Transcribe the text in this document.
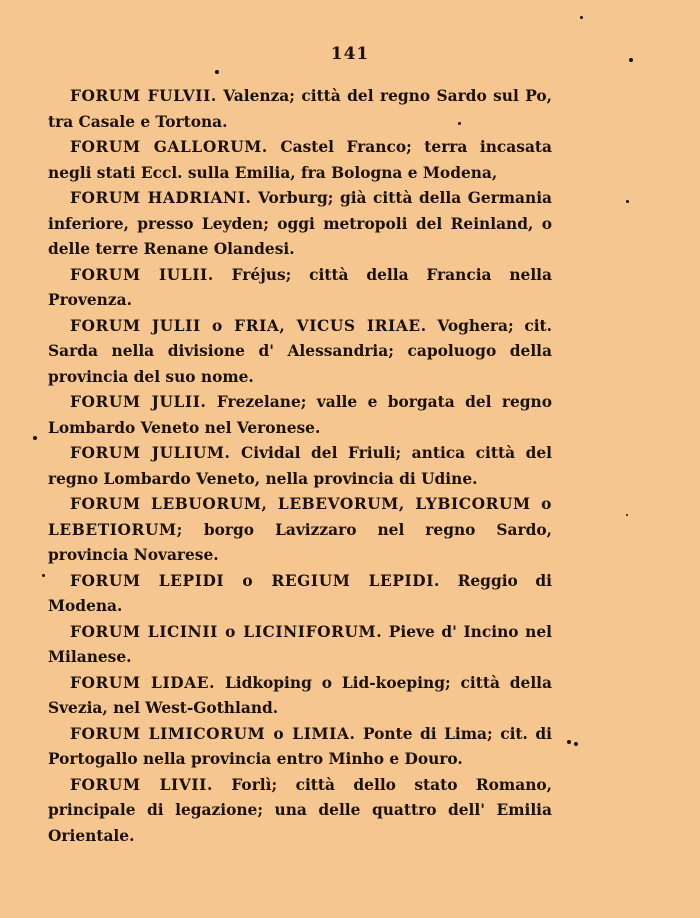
141

FORUM FULVII. Valenza; città del regno Sardo sul Po, tra Casale e Tortona.

FORUM GALLORUM. Castel Franco; terra incasata negli stati Eccl. sulla Emilia, fra Bologna e Modena,

FORUM HADRIANI. Vorburg; già città della Germania inferiore, presso Leyden; oggi metropoli del Reinland, o delle terre Renane Olandesi.

FORUM IULII. Fréjus; città della Francia nella Provenza.

FORUM JULII o FRIA, VICUS IRIAE. Voghera; cit. Sarda nella divisione d' Alessandria; capoluogo della provincia del suo nome.

FORUM JULII. Frezelane; valle e borgata del regno Lombardo Veneto nel Veronese.

FORUM JULIUM. Cividal del Friuli; antica città del regno Lombardo Veneto, nella provincia di Udine.

FORUM LEBUORUM, LEBEVORUM, LYBICORUM o LEBETIORUM; borgo Lavizzaro nel regno Sardo, provincia Novarese.

FORUM LEPIDI o REGIUM LEPIDI. Reggio di Modena.

FORUM LICINII o LICINIFORUM. Pieve d' Incino nel Milanese.

FORUM LIDAE. Lidkoping o Lid-koeping; città della Svezia, nel West-Gothland.

FORUM LIMICORUM o LIMIA. Ponte di Lima; cit. di Portogallo nella provincia entro Minho e Douro.

FORUM LIVII. Forlì; città dello stato Romano, principale di legazione; una delle quattro dell' Emilia Orientale.
